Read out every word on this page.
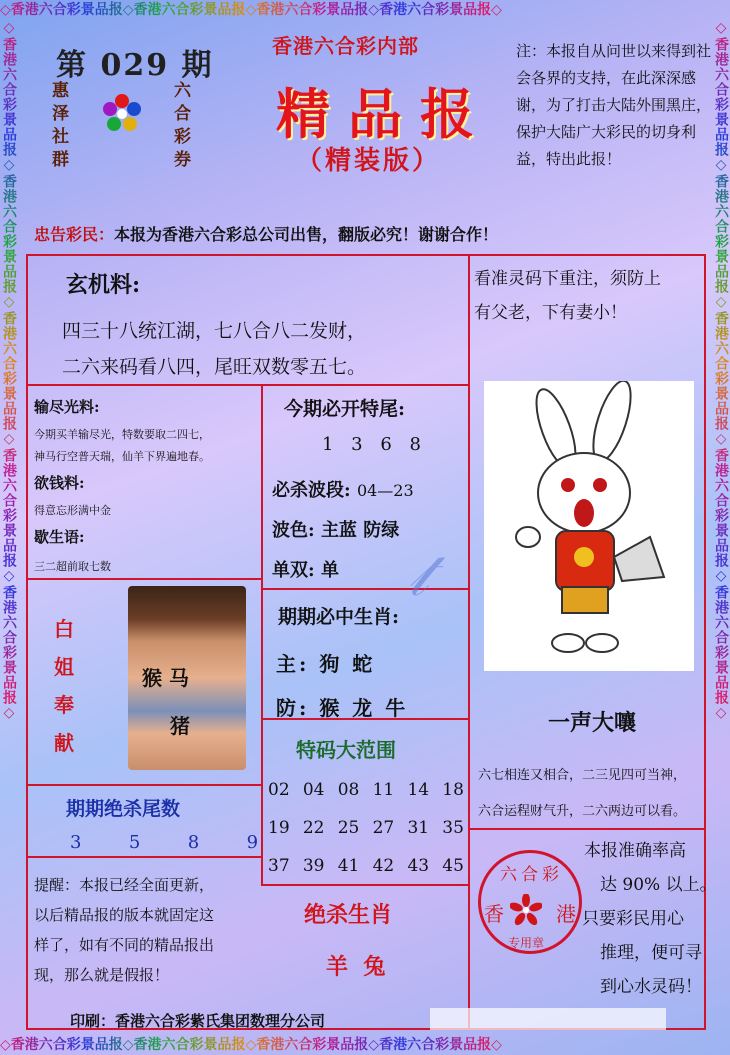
◇香港六合彩景品报◇香港六合彩景品报◇香港六合彩景品报◇香港六合彩景品报◇
◇香港六合彩景品报◇香港六合彩景品报◇香港六合彩景品报◇香港六合彩景品报◇
◇香港六合彩景品报◇香港六合彩景品报◇香港六合彩景品报◇香港六合彩景品报◇香港六合彩景品报◇	◇香港六合彩景品报◇香港六合彩景品报◇香港六合彩景品报◇香港六合彩景品报◇香港六合彩景品报◇
第 029 期
惠泽社群
六合彩券
香港六合彩内部
精品报
（精装版）
注：本报自从问世以来得到社会各界的支持，在此深深感谢，为了打击大陆外围黑庄，保护大陆广大彩民的切身利益，特出此报！
忠告彩民：本报为香港六合彩总公司出售，翻版必究！谢谢合作！
玄机料:
四三十八统江湖，七八合八二发财，
二六来码看八四，尾旺双数零五七。
看准灵码下重注，须防上
有父老，下有妻小！
输尽光料:
今期买羊输尽光，特数要取二四七，
神马行空普天瑞，仙羊下界遍地春。
欲钱料:
得意忘形满中金
歇生语:
三二超前取七数
今期必开特尾:
1 3 6 8
必杀波段: 04—23
波色: 主蓝 防绿
单双: 单 𝓉
白姐奉献
猴 马
猪
期期必中生肖:
主: 狗 蛇
防: 猴 龙 牛
特码大范围
02 04 08 11 14 18
19 22 25 27 31 35
37 39 41 42 43 45
期期绝杀尾数
3  5  8  9
绝杀生肖
羊  兔
一声大嚷
六七相连又相合，二三见四可当神，
六合运程财气升，二六两边可以看。
本报准确率高
达 90% 以上。
只要彩民用心
推理，便可寻
到心水灵码！
六合彩
香	港
专用章
提醒：本报已经全面更新，
以后精品报的版本就固定这
样了，如有不同的精品报出
现，那么就是假报！
印刷：香港六合彩紫氏集团数理分公司
